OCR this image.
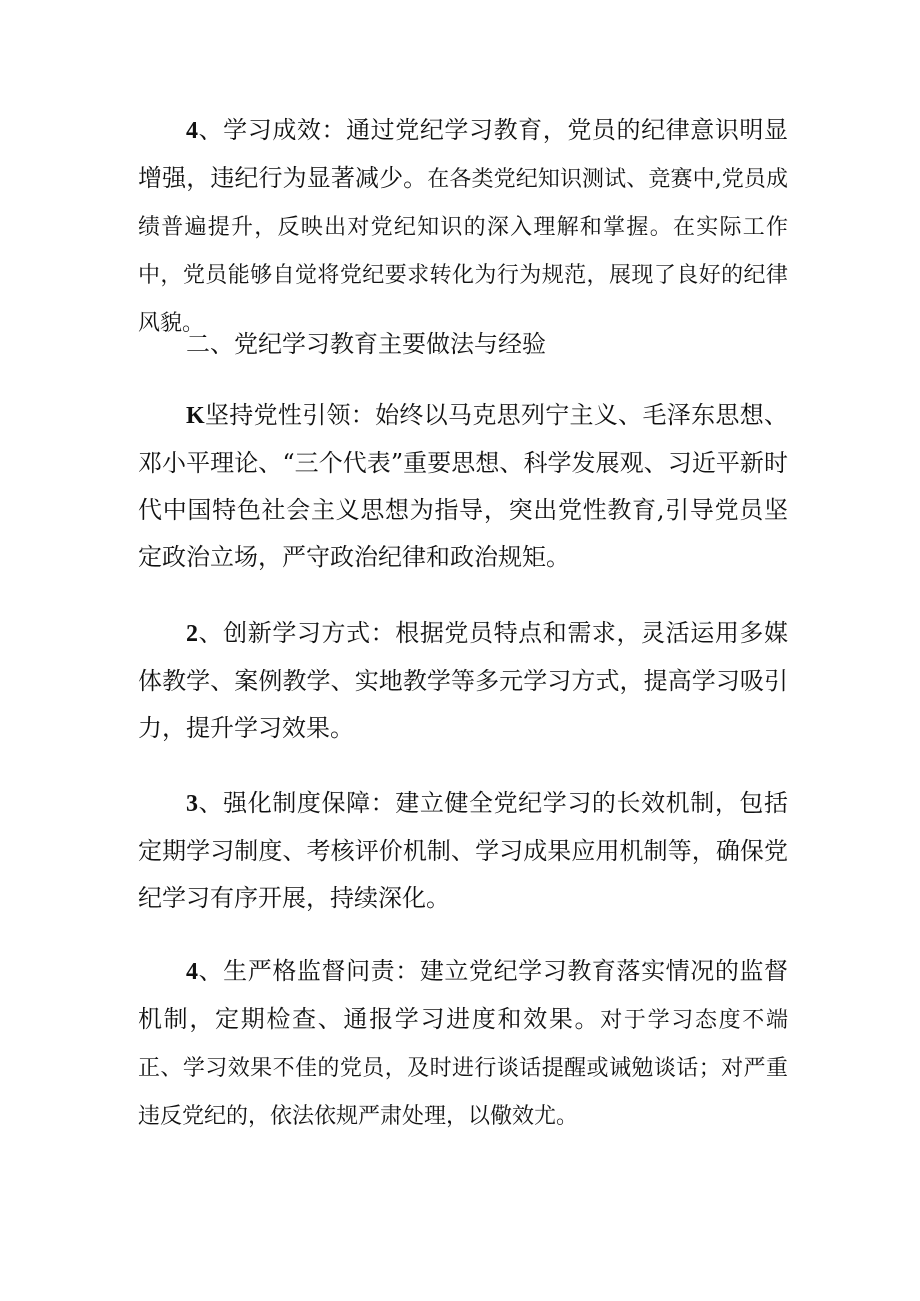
4、学习成效：通过党纪学习教育，党员的纪律意识明显增强，违纪行为显著减少。在各类党纪知识测试、竞赛中,党员成绩普遍提升，反映出对党纪知识的深入理解和掌握。在实际工作中，党员能够自觉将党纪要求转化为行为规范，展现了良好的纪律风貌。

二、党纪学习教育主要做法与经验

K坚持党性引领：始终以马克思列宁主义、毛泽东思想、邓小平理论、“三个代表”重要思想、科学发展观、习近平新时代中国特色社会主义思想为指导，突出党性教育,引导党员坚定政治立场，严守政治纪律和政治规矩。

2、创新学习方式：根据党员特点和需求，灵活运用多媒体教学、案例教学、实地教学等多元学习方式，提高学习吸引力，提升学习效果。

3、强化制度保障：建立健全党纪学习的长效机制，包括定期学习制度、考核评价机制、学习成果应用机制等，确保党纪学习有序开展，持续深化。

4、生严格监督问责：建立党纪学习教育落实情况的监督机制，定期检查、通报学习进度和效果。对于学习态度不端正、学习效果不佳的党员，及时进行谈话提醒或诫勉谈话；对严重违反党纪的，依法依规严肃处理，以儆效尤。
